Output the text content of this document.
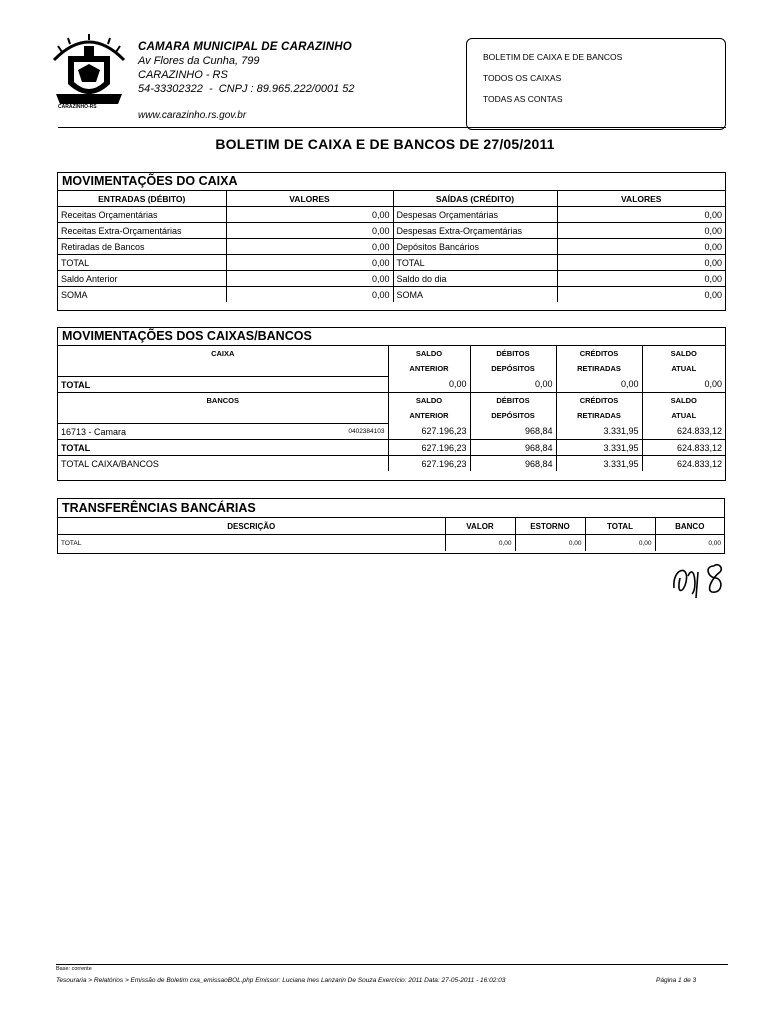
CARAZINHO-RS
CAMARA MUNICIPAL DE CARAZINHO
Av Flores da Cunha, 799
CARAZINHO - RS
54-33302322  -  CNPJ : 89.965.222/0001 52
www.carazinho.rs.gov.br
BOLETIM DE CAIXA E DE BANCOS
TODOS OS CAIXAS
TODAS AS CONTAS
BOLETIM DE CAIXA E DE BANCOS DE 27/05/2011
MOVIMENTAÇÕES DO CAIXA
ENTRADAS (DÉBITO)	VALORES	SAÍDAS (CRÉDITO)	VALORES
Receitas Orçamentárias	0,00	Despesas Orçamentárias	0,00
Receitas Extra-Orçamentárias	0,00	Despesas Extra-Orçamentárias	0,00
Retiradas de Bancos	0,00	Depósitos Bancários	0,00
TOTAL	0,00	TOTAL	0,00
Saldo Anterior	0,00	Saldo do dia	0,00
SOMA	0,00	SOMA	0,00
MOVIMENTAÇÕES DOS CAIXAS/BANCOS
CAIXA		SALDO	DÉBITOS	CRÉDITOS	SALDO
		ANTERIOR	DEPÓSITOS	RETIRADAS	ATUAL
TOTAL		0,00	0,00	0,00	0,00
BANCOS		SALDO	DÉBITOS	CRÉDITOS	SALDO
		ANTERIOR	DEPÓSITOS	RETIRADAS	ATUAL
16713 - Camara	0402384103	627.196,23	968,84	3.331,95	624.833,12
TOTAL		627.196,23	968,84	3.331,95	624.833,12
TOTAL CAIXA/BANCOS		627.196,23	968,84	3.331,95	624.833,12
TRANSFERÊNCIAS BANCÁRIAS
DESCRIÇÃO	VALOR	ESTORNO	TOTAL	BANCO
TOTAL	0,00	0,00	0,00	0,00
Base: corrente
Tesouraria > Relatórios > Emissão de Boletim cxa_emissaoBOL.php Emissor: Luciana Ines Lanzarin De Souza Exercício: 2011 Data: 27-05-2011 - 16:02:03	Página 1 de 3
